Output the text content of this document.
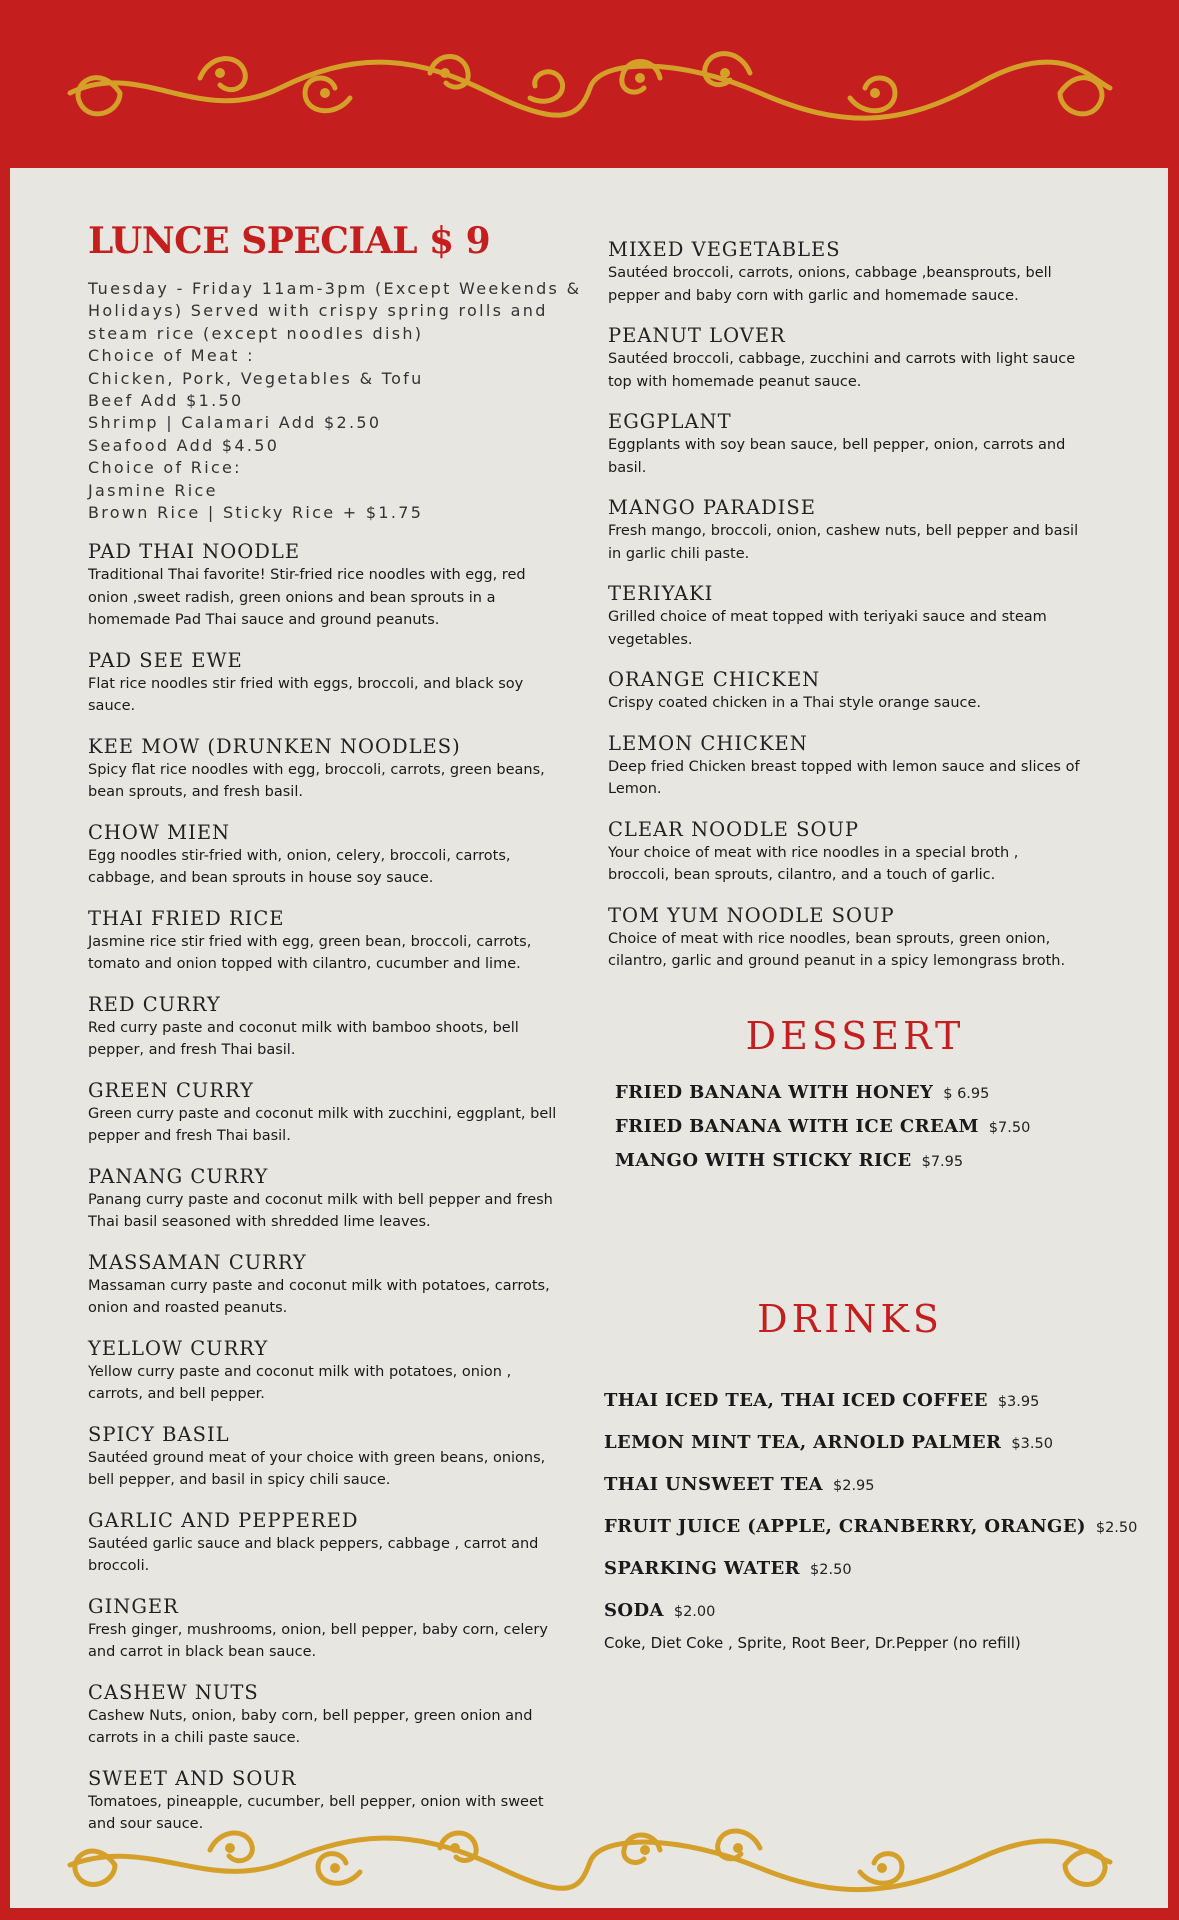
LUNCE SPECIAL $ 9
Tuesday - Friday 11am-3pm (Except Weekends &
Holidays) Served with crispy spring rolls and
steam rice (except noodles dish)
Choice of Meat :
Chicken, Pork, Vegetables & Tofu
Beef Add $1.50
Shrimp | Calamari Add $2.50
Seafood Add $4.50
Choice of Rice:
Jasmine Rice
Brown Rice | Sticky Rice + $1.75
PAD THAI NOODLE
Traditional Thai favorite! Stir-fried rice noodles with egg, red onion ,sweet radish, green onions and bean sprouts in a homemade Pad Thai sauce and ground peanuts.
PAD SEE EWE
Flat rice noodles stir fried with eggs, broccoli, and black soy sauce.
KEE MOW (DRUNKEN NOODLES)
Spicy flat rice noodles with egg, broccoli, carrots, green beans, bean sprouts, and fresh basil.
CHOW MIEN
Egg noodles stir-fried with, onion, celery, broccoli, carrots, cabbage, and bean sprouts in house soy sauce.
THAI FRIED RICE
Jasmine rice stir fried with egg, green bean, broccoli, carrots, tomato and onion topped with cilantro, cucumber and lime.
RED CURRY
Red curry paste and coconut milk with bamboo shoots, bell pepper, and fresh Thai basil.
GREEN CURRY
Green curry paste and coconut milk with zucchini, eggplant, bell pepper and fresh Thai basil.
PANANG CURRY
Panang curry paste and coconut milk with bell pepper and fresh Thai basil seasoned with shredded lime leaves.
MASSAMAN CURRY
Massaman curry paste and coconut milk with potatoes, carrots, onion and roasted peanuts.
YELLOW CURRY
Yellow curry paste and coconut milk with potatoes, onion , carrots, and bell pepper.
SPICY BASIL
Sautéed ground meat of your choice with green beans, onions, bell pepper, and basil in spicy chili sauce.
GARLIC AND PEPPERED
Sautéed garlic sauce and black peppers, cabbage , carrot and broccoli.
GINGER
Fresh ginger, mushrooms, onion, bell pepper, baby corn, celery and carrot in black bean sauce.
CASHEW NUTS
Cashew Nuts, onion, baby corn, bell pepper, green onion and carrots in a chili paste sauce.
SWEET AND SOUR
Tomatoes, pineapple, cucumber, bell pepper, onion with sweet and sour sauce.
MIXED VEGETABLES
Sautéed broccoli, carrots, onions, cabbage ,beansprouts, bell pepper and baby corn with garlic and homemade sauce.
PEANUT LOVER
Sautéed broccoli, cabbage, zucchini and carrots with light sauce top with homemade peanut sauce.
EGGPLANT
Eggplants with soy bean sauce, bell pepper, onion, carrots and basil.
MANGO PARADISE
Fresh mango, broccoli, onion, cashew nuts, bell pepper and basil in garlic chili paste.
TERIYAKI
Grilled choice of meat topped with teriyaki sauce and steam vegetables.
ORANGE CHICKEN
Crispy coated chicken in a Thai style orange sauce.
LEMON CHICKEN
Deep fried Chicken breast topped with lemon sauce and slices of Lemon.
CLEAR NOODLE SOUP
Your choice of meat with rice noodles in a special broth , broccoli, bean sprouts, cilantro, and a touch of garlic.
TOM YUM NOODLE SOUP
Choice of meat with rice noodles, bean sprouts, green onion, cilantro, garlic and ground peanut in a spicy lemongrass broth.
DESSERT
FRIED BANANA WITH HONEY $ 6.95
FRIED BANANA WITH ICE CREAM $7.50
MANGO WITH STICKY RICE $7.95
DRINKS
THAI ICED TEA, THAI ICED COFFEE $3.95
LEMON MINT TEA, ARNOLD PALMER $3.50
THAI UNSWEET TEA $2.95
FRUIT JUICE (APPLE, CRANBERRY, ORANGE) $2.50
SPARKING WATER $2.50
SODA $2.00
Coke, Diet Coke , Sprite, Root Beer, Dr.Pepper (no refill)
